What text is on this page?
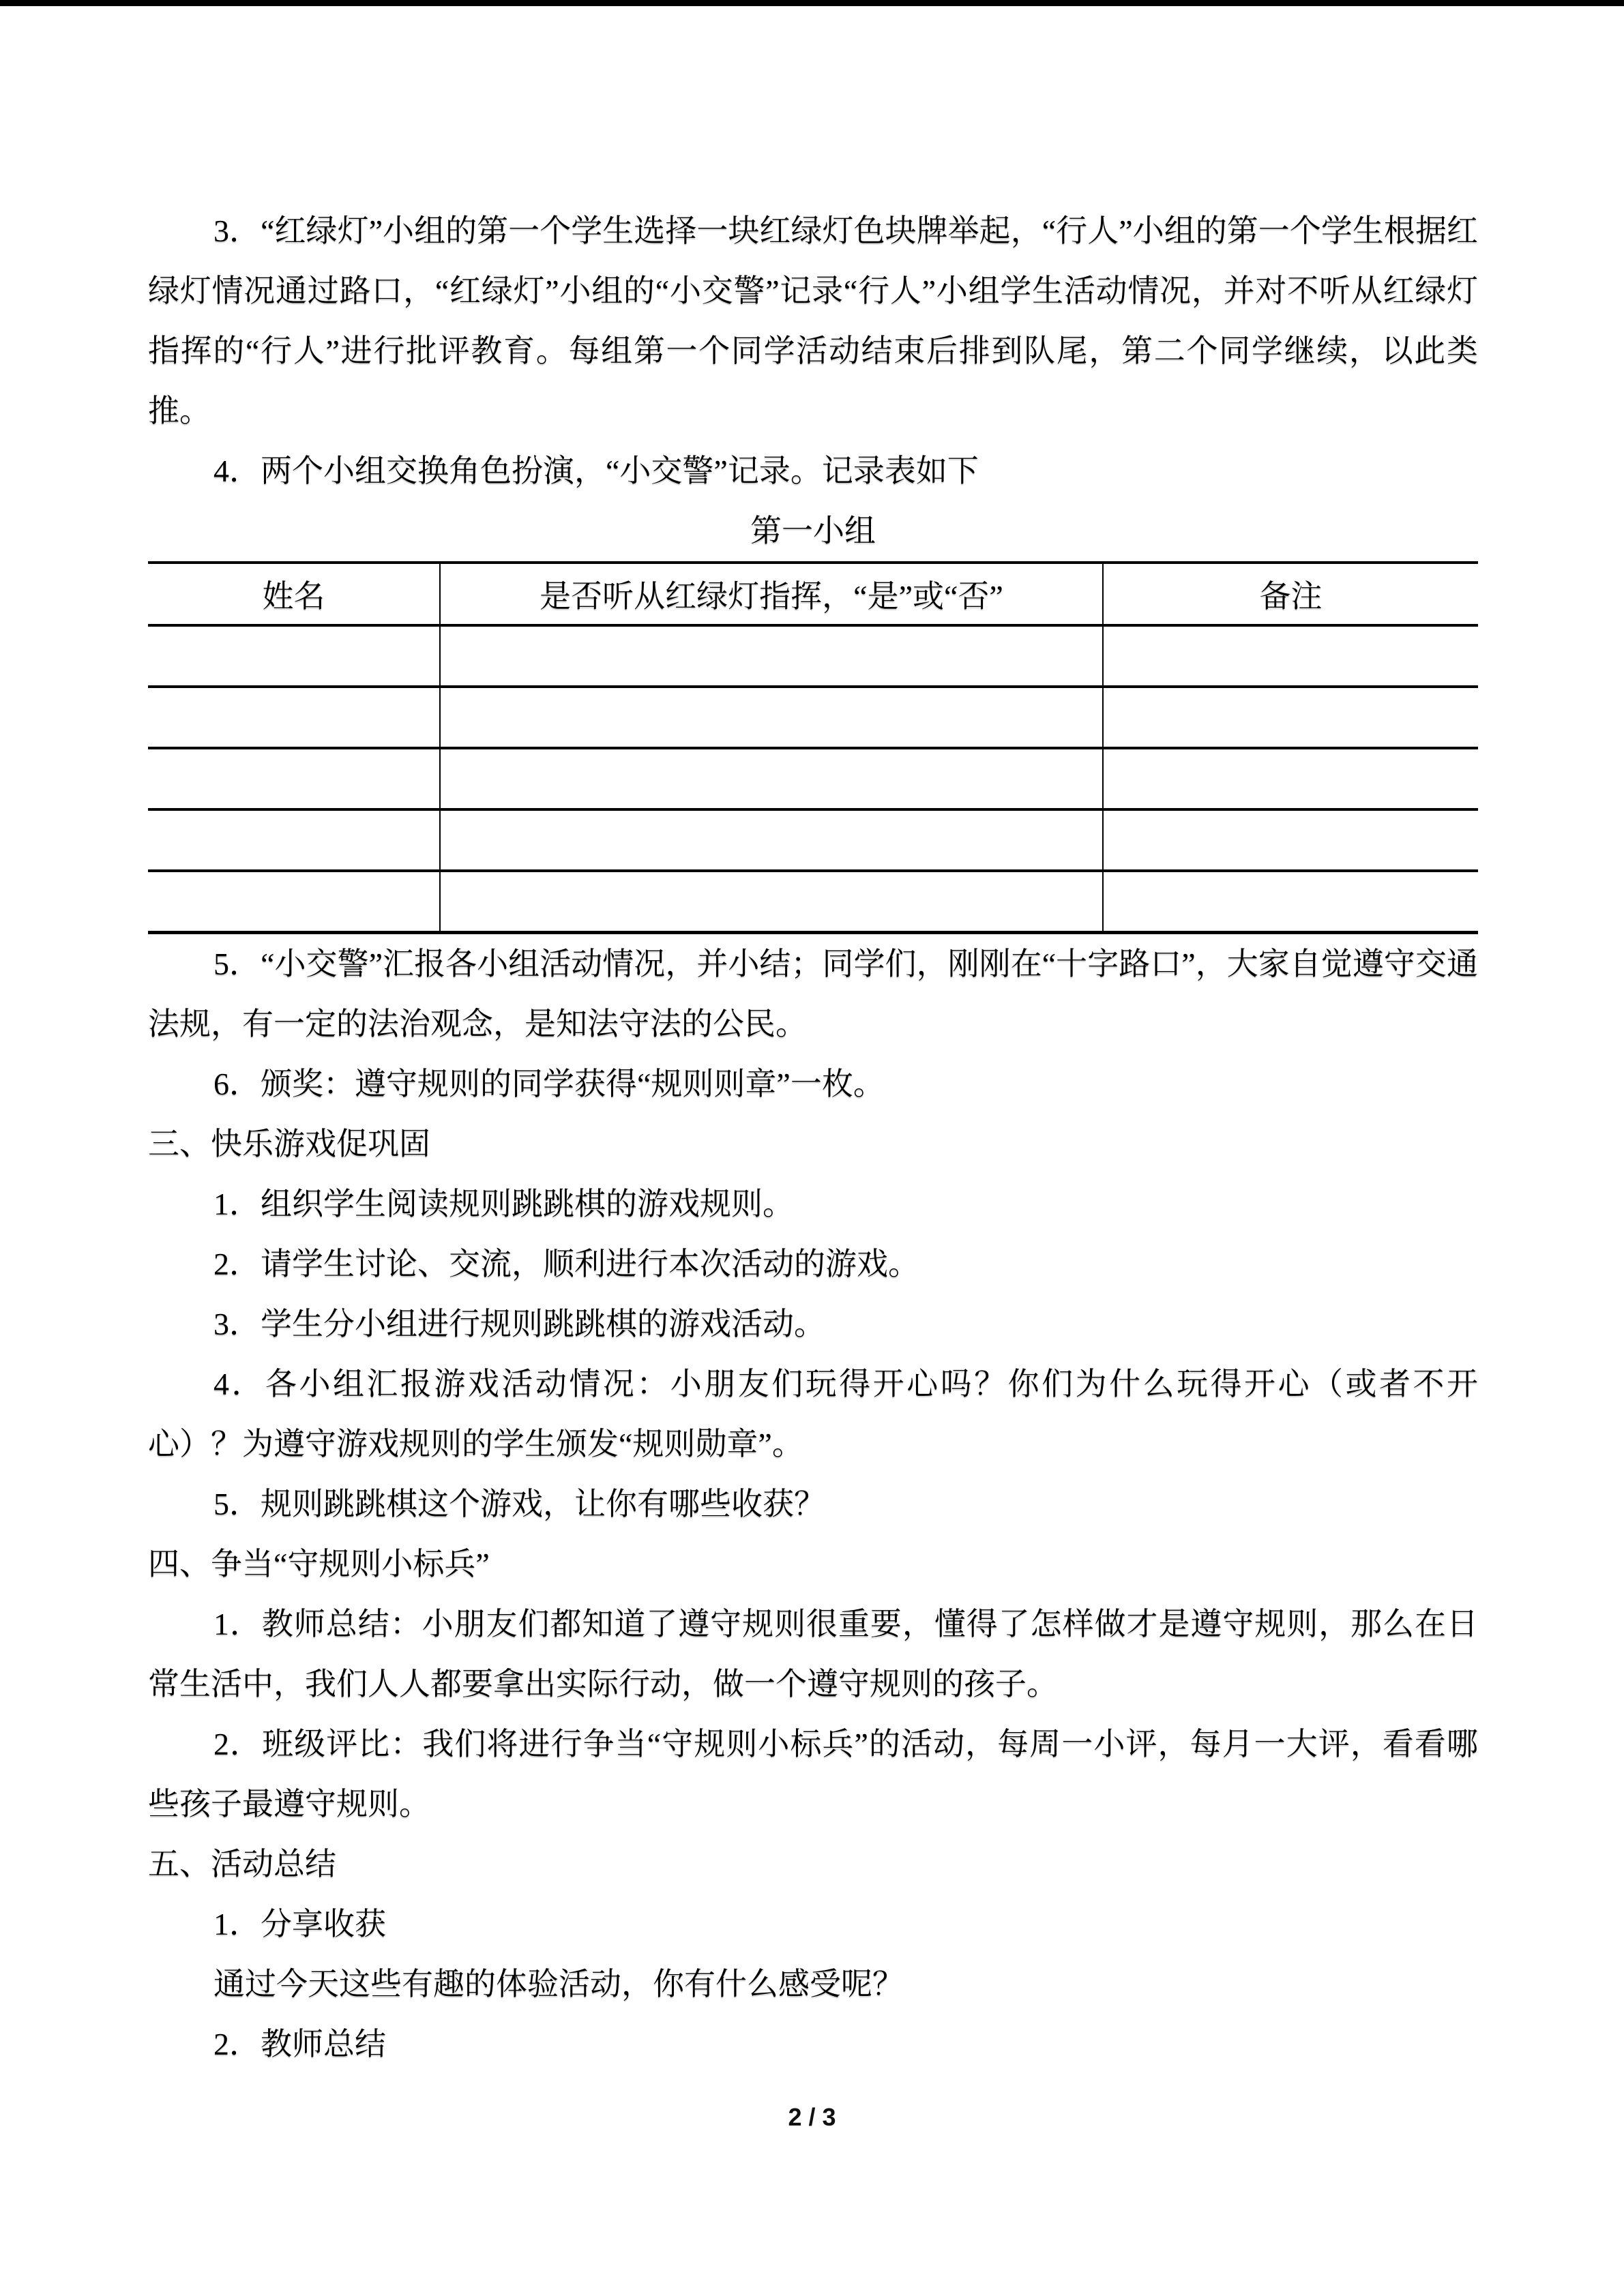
3．“红绿灯”小组的第一个学生选择一块红绿灯色块牌举起，“行人”小组的第一个学生根据红绿灯情况通过路口，“红绿灯”小组的“小交警”记录“行人”小组学生活动情况，并对不听从红绿灯指挥的“行人”进行批评教育。每组第一个同学活动结束后排到队尾，第二个同学继续，以此类推。

4．两个小组交换角色扮演，“小交警”记录。记录表如下

第一小组

姓名	是否听从红绿灯指挥，“是”或“否”	备注

5．“小交警”汇报各小组活动情况，并小结；同学们，刚刚在“十字路口”，大家自觉遵守交通法规，有一定的法治观念，是知法守法的公民。

6．颁奖：遵守规则的同学获得“规则则章”一枚。

三、快乐游戏促巩固

1．组织学生阅读规则跳跳棋的游戏规则。

2．请学生讨论、交流，顺利进行本次活动的游戏。

3．学生分小组进行规则跳跳棋的游戏活动。

4．各小组汇报游戏活动情况：小朋友们玩得开心吗？你们为什么玩得开心（或者不开心）？为遵守游戏规则的学生颁发“规则勋章”。

5．规则跳跳棋这个游戏，让你有哪些收获？

四、争当“守规则小标兵”

1．教师总结：小朋友们都知道了遵守规则很重要，懂得了怎样做才是遵守规则，那么在日常生活中，我们人人都要拿出实际行动，做一个遵守规则的孩子。

2．班级评比：我们将进行争当“守规则小标兵”的活动，每周一小评，每月一大评，看看哪些孩子最遵守规则。

五、活动总结

1．分享收获

通过今天这些有趣的体验活动，你有什么感受呢？

2．教师总结

2 / 3
